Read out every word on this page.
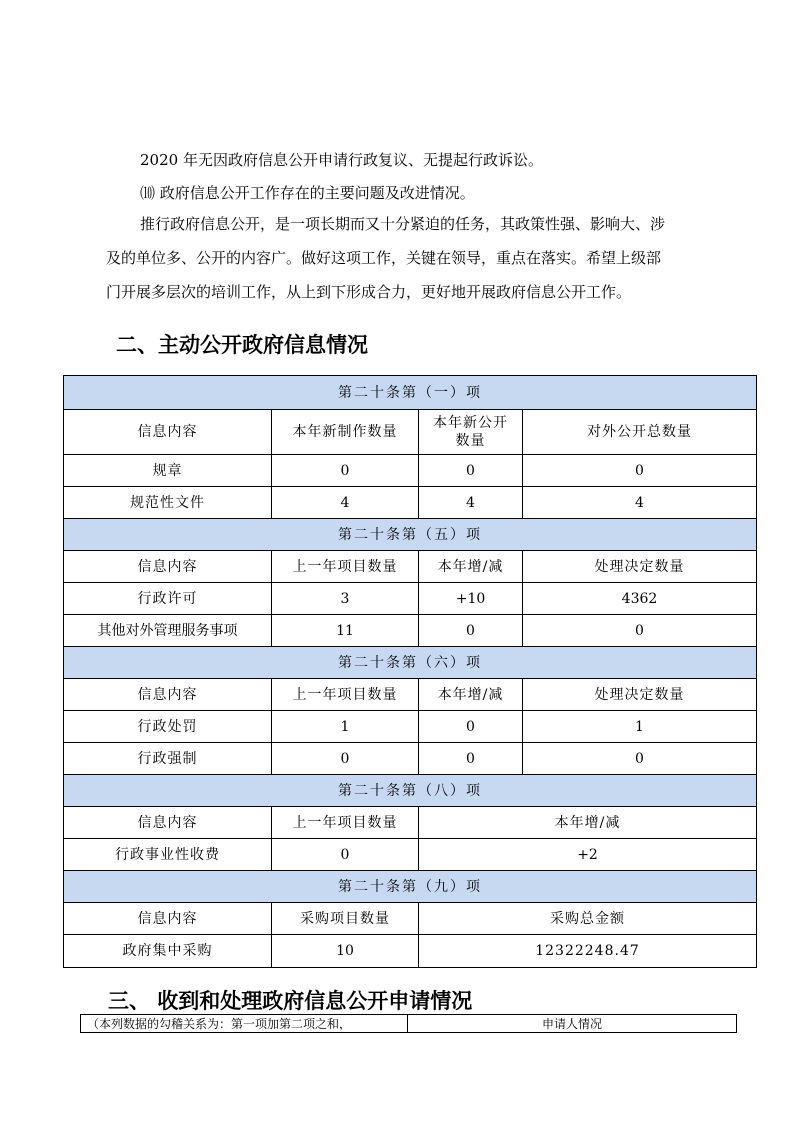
2020 年无因政府信息公开申请行政复议、无提起行政诉讼。
⑽ 政府信息公开工作存在的主要问题及改进情况。
推行政府信息公开，是一项长期而又十分紧迫的任务，其政策性强、影响大、涉
及的单位多、公开的内容广。做好这项工作，关键在领导，重点在落实。希望上级部
门开展多层次的培训工作，从上到下形成合力，更好地开展政府信息公开工作。
二、主动公开政府信息情况
第二十条第（一）项			
信息内容	本年新制作数量	本年新公开数量	对外公开总数量
规章	0	0	0
规范性文件	4	4	4
第二十条第（五）项			
信息内容	上一年项目数量	本年增/减	处理决定数量
行政许可	3	+10	4362
其他对外管理服务事项	11	0	0
第二十条第（六）项			
信息内容	上一年项目数量	本年增/减	处理决定数量
行政处罚	1	0	1
行政强制	0	0	0
第二十条第（八）项			
信息内容	上一年项目数量	本年增/减	
行政事业性收费	0	+2	
第二十条第（九）项			
信息内容	采购项目数量	采购总金额	
政府集中采购	10	12322248.47	
三、 收到和处理政府信息公开申请情况
（本列数据的勾稽关系为：第一项加第二项之和，	申请人情况
